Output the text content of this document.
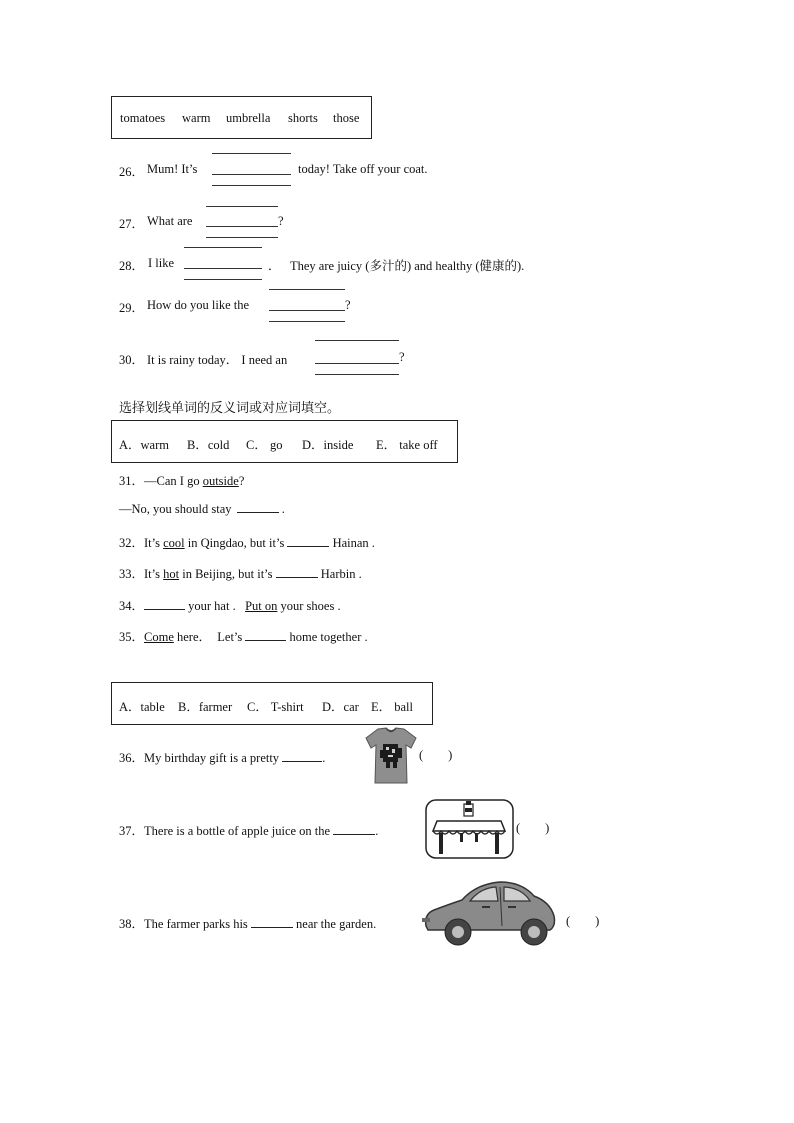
tomatoes warm umbrella shorts those
26． Mum! It’s	today! Take off your coat.
27． What are	?
28． I like	． They are juicy (多汁的) and healthy (健康的).
29． How do you like the	?
30． It is rainy today． I need an	?
选择划线单词的反义词或对应词填空。
A．warm B．cold C． go D．inside E． take off
31．—Can I go outside?
—No, you should stay	.
32．It’s cool in Qingdao, but it’s	Hainan .
33．It’s hot in Beijing, but it’s	Harbin .
34．	your hat .   Put on your shoes .
35．Come here．  Let’s	home together .
A．table B．farmer C． T-shirt D．car E． ball
36．My birthday gift is a pretty	.	(        )
37．There is a bottle of apple juice on the	.	(        )
38．The farmer parks his	near the garden.	(        )
